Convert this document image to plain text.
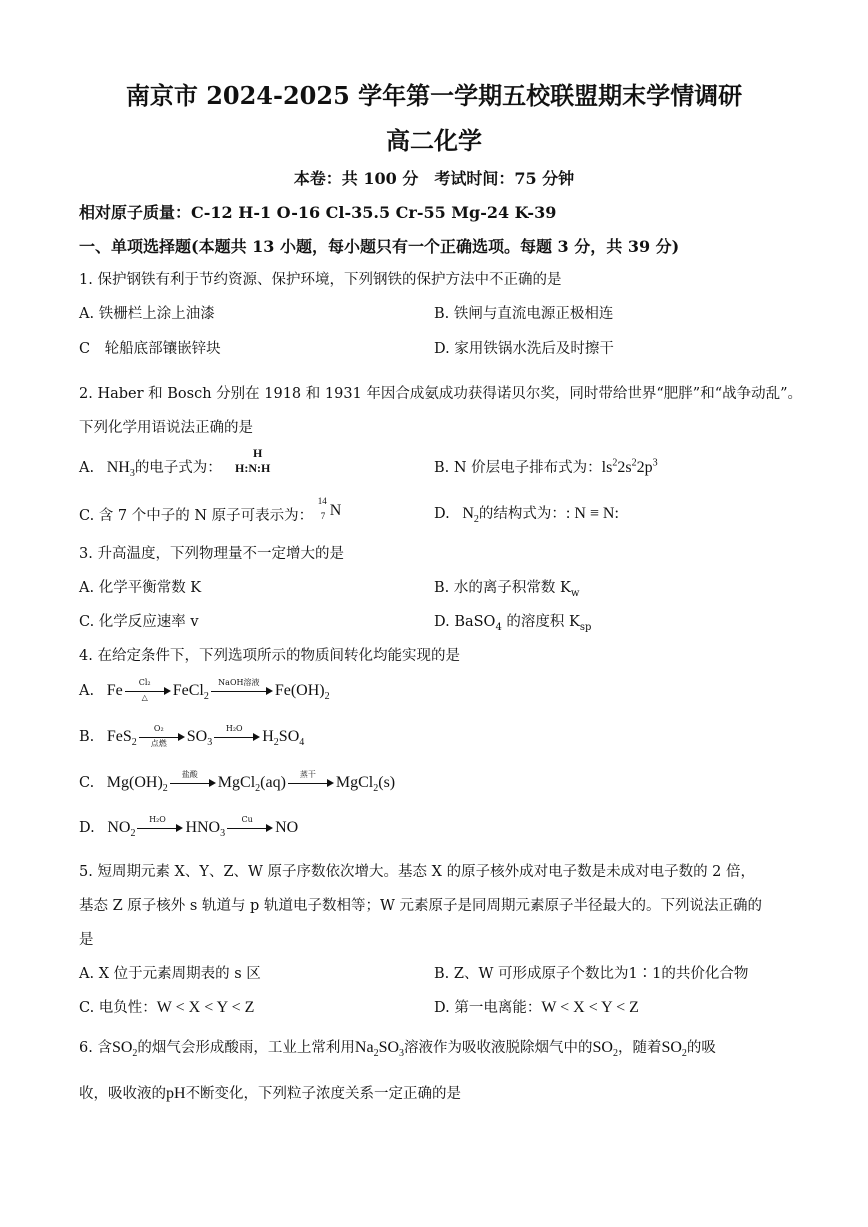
南京市 2024-2025 学年第一学期五校联盟期末学情调研
高二化学
本卷：共 100 分　考试时间：75 分钟
相对原子质量：C-12 H-1 O-16 Cl-35.5 Cr-55 Mg-24 K-39
一、单项选择题(本题共 13 小题，每小题只有一个正确选项。每题 3 分，共 39 分)
1. 保护钢铁有利于节约资源、保护环境，下列钢铁的保护方法中不正确的是
A. 铁栅栏上涂上油漆	B. 铁闸与直流电源正极相连
C　轮船底部镶嵌锌块	D. 家用铁锅水洗后及时擦干
2. Haber 和 Bosch 分别在 1918 和 1931 年因合成氨成功获得诺贝尔奖，同时带给世界“肥胖”和“战争动乱”。
下列化学用语说法正确的是
A. $NH_3$的电子式为：
H
H:N:H	B. N 价层电子排布式为：$ls^22s^22p^3$
C. 含 7 个中子的 N 原子可表示为：
14
7 N	D. $N_2$的结构式为：: N ≡ N:
3. 升高温度，下列物理量不一定增大的是
A. 化学平衡常数 K	B. 水的离子积常数 $K_w$
C. 化学反应速率 v	D. BaSO$_4$ 的溶度积 $K_{sp}$
4. 在给定条件下，下列选项所示的物质间转化均能实现的是
A. Fe	Cl₂
△	FeCl$_2$
NaOH溶液 $Fe(OH)_2$
B. FeS$_2$
O₂
点燃	$SO_3$
H₂O	$H_2SO_4$
C. $Mg(OH)_2$
盐酸	MgCl$_2$(aq)	蒸干	MgCl$_2$(s)
D. $NO_2$
H₂O	$HNO_3$
Cu	NO
5. 短周期元素 X、Y、Z、W 原子序数依次增大。基态 X 的原子核外成对电子数是未成对电子数的 2 倍，
基态 Z 原子核外 s 轨道与 p 轨道电子数相等；W 元素原子是同周期元素原子半径最大的。下列说法正确的
是
A. X 位于元素周期表的 s 区	B. Z、W 可形成原子个数比为1∶1的共价化合物
C. 电负性：W < X < Y < Z	D. 第一电离能：W < X < Y < Z
6. 含$SO_2$的烟气会形成酸雨，工业上常利用$Na_2SO_3$溶液作为吸收液脱除烟气中的$SO_2$，随着$SO_2$的吸
收，吸收液的pH不断变化，下列粒子浓度关系一定正确的是
